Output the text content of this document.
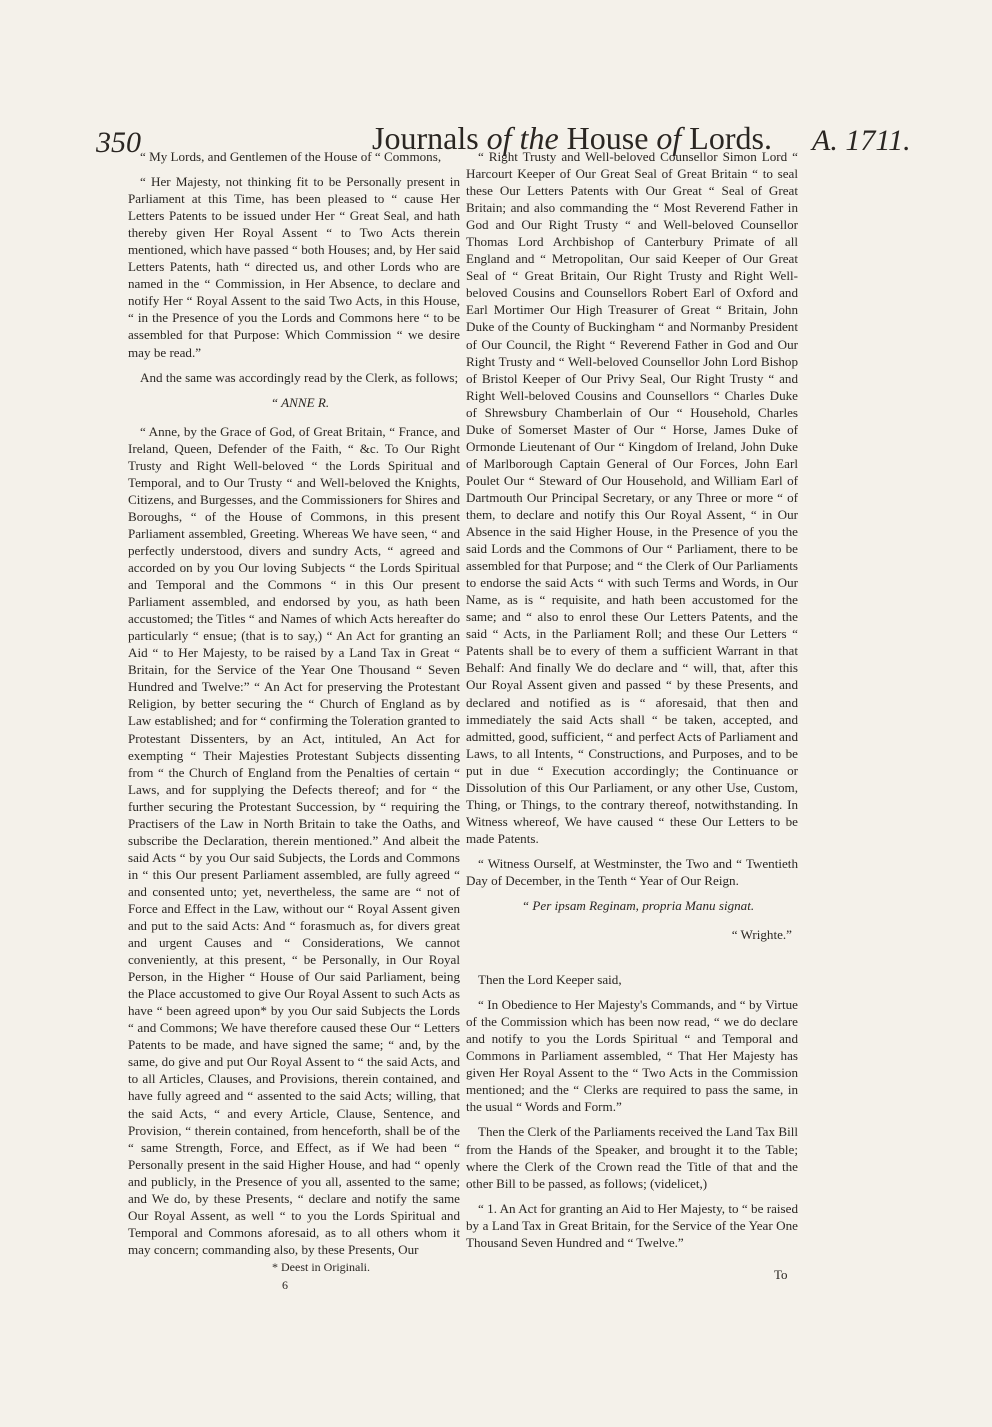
350	Journals of the House of Lords. A. 1711.

“ My Lords, and Gentlemen of the House of “ Commons,

“ Her Majesty, not thinking fit to be Personally present in Parliament at this Time, has been pleased to “ cause Her Letters Patents to be issued under Her “ Great Seal, and hath thereby given Her Royal Assent “ to Two Acts therein mentioned, which have passed “ both Houses; and, by Her said Letters Patents, hath “ directed us, and other Lords who are named in the “ Commission, in Her Absence, to declare and notify Her “ Royal Assent to the said Two Acts, in this House, “ in the Presence of you the Lords and Commons here “ to be assembled for that Purpose: Which Commission “ we desire may be read.”

And the same was accordingly read by the Clerk, as follows;

“ ANNE R.

“ Anne, by the Grace of God, of Great Britain, “ France, and Ireland, Queen, Defender of the Faith, “ &c. To Our Right Trusty and Right Well-beloved “ the Lords Spiritual and Temporal, and to Our Trusty “ and Well-beloved the Knights, Citizens, and Burgesses, and the Commissioners for Shires and Boroughs, “ of the House of Commons, in this present Parliament assembled, Greeting. Whereas We have seen, “ and perfectly understood, divers and sundry Acts, “ agreed and accorded on by you Our loving Subjects “ the Lords Spiritual and Temporal and the Commons “ in this Our present Parliament assembled, and endorsed by you, as hath been accustomed; the Titles “ and Names of which Acts hereafter do particularly “ ensue; (that is to say,) “ An Act for granting an Aid “ to Her Majesty, to be raised by a Land Tax in Great “ Britain, for the Service of the Year One Thousand “ Seven Hundred and Twelve:” “ An Act for preserving the Protestant Religion, by better securing the “ Church of England as by Law established; and for “ confirming the Toleration granted to Protestant Dissenters, by an Act, intituled, An Act for exempting “ Their Majesties Protestant Subjects dissenting from “ the Church of England from the Penalties of certain “ Laws, and for supplying the Defects thereof; and for “ the further securing the Protestant Succession, by “ requiring the Practisers of the Law in North Britain to take the Oaths, and subscribe the Declaration, therein mentioned.” And albeit the said Acts “ by you Our said Subjects, the Lords and Commons in “ this Our present Parliament assembled, are fully agreed “ and consented unto; yet, nevertheless, the same are “ not of Force and Effect in the Law, without our “ Royal Assent given and put to the said Acts: And “ forasmuch as, for divers great and urgent Causes and “ Considerations, We cannot conveniently, at this present, “ be Personally, in Our Royal Person, in the Higher “ House of Our said Parliament, being the Place accustomed to give Our Royal Assent to such Acts as have “ been agreed upon* by you Our said Subjects the Lords “ and Commons; We have therefore caused these Our “ Letters Patents to be made, and have signed the same; “ and, by the same, do give and put Our Royal Assent to “ the said Acts, and to all Articles, Clauses, and Provisions, therein contained, and have fully agreed and “ assented to the said Acts; willing, that the said Acts, “ and every Article, Clause, Sentence, and Provision, “ therein contained, from henceforth, shall be of the “ same Strength, Force, and Effect, as if We had been “ Personally present in the said Higher House, and had “ openly and publicly, in the Presence of you all, assented to the same; and We do, by these Presents, “ declare and notify the same Our Royal Assent, as well “ to you the Lords Spiritual and Temporal and Commons aforesaid, as to all others whom it may concern; commanding also, by these Presents, Our

“ Right Trusty and Well-beloved Counsellor Simon Lord “ Harcourt Keeper of Our Great Seal of Great Britain “ to seal these Our Letters Patents with Our Great “ Seal of Great Britain; and also commanding the “ Most Reverend Father in God and Our Right Trusty “ and Well-beloved Counsellor Thomas Lord Archbishop of Canterbury Primate of all England and “ Metropolitan, Our said Keeper of Our Great Seal of “ Great Britain, Our Right Trusty and Right Well-beloved Cousins and Counsellors Robert Earl of Oxford and Earl Mortimer Our High Treasurer of Great “ Britain, John Duke of the County of Buckingham “ and Normanby President of Our Council, the Right “ Reverend Father in God and Our Right Trusty and “ Well-beloved Counsellor John Lord Bishop of Bristol Keeper of Our Privy Seal, Our Right Trusty “ and Right Well-beloved Cousins and Counsellors “ Charles Duke of Shrewsbury Chamberlain of Our “ Household, Charles Duke of Somerset Master of Our “ Horse, James Duke of Ormonde Lieutenant of Our “ Kingdom of Ireland, John Duke of Marlborough Captain General of Our Forces, John Earl Poulet Our “ Steward of Our Household, and William Earl of Dartmouth Our Principal Secretary, or any Three or more “ of them, to declare and notify this Our Royal Assent, “ in Our Absence in the said Higher House, in the Presence of you the said Lords and the Commons of Our “ Parliament, there to be assembled for that Purpose; and “ the Clerk of Our Parliaments to endorse the said Acts “ with such Terms and Words, in Our Name, as is “ requisite, and hath been accustomed for the same; and “ also to enrol these Our Letters Patents, and the said “ Acts, in the Parliament Roll; and these Our Letters “ Patents shall be to every of them a sufficient Warrant in that Behalf: And finally We do declare and “ will, that, after this Our Royal Assent given and passed “ by these Presents, and declared and notified as is “ aforesaid, that then and immediately the said Acts shall “ be taken, accepted, and admitted, good, sufficient, “ and perfect Acts of Parliament and Laws, to all Intents, “ Constructions, and Purposes, and to be put in due “ Execution accordingly; the Continuance or Dissolution of this Our Parliament, or any other Use, Custom, Thing, or Things, to the contrary thereof, notwithstanding. In Witness whereof, We have caused “ these Our Letters to be made Patents.

“ Witness Ourself, at Westminster, the Two and “ Twentieth Day of December, in the Tenth “ Year of Our Reign.

“ Per ipsam Reginam, propria Manu signat.

“ Wrighte.”

Then the Lord Keeper said,

“ In Obedience to Her Majesty's Commands, and “ by Virtue of the Commission which has been now read, “ we do declare and notify to you the Lords Spiritual “ and Temporal and Commons in Parliament assembled, “ That Her Majesty has given Her Royal Assent to the “ Two Acts in the Commission mentioned; and the “ Clerks are required to pass the same, in the usual “ Words and Form.”

Then the Clerk of the Parliaments received the Land Tax Bill from the Hands of the Speaker, and brought it to the Table; where the Clerk of the Crown read the Title of that and the other Bill to be passed, as follows; (videlicet,)

“ 1. An Act for granting an Aid to Her Majesty, to “ be raised by a Land Tax in Great Britain, for the Service of the Year One Thousand Seven Hundred and “ Twelve.”

* Deest in Originali.
6
To
